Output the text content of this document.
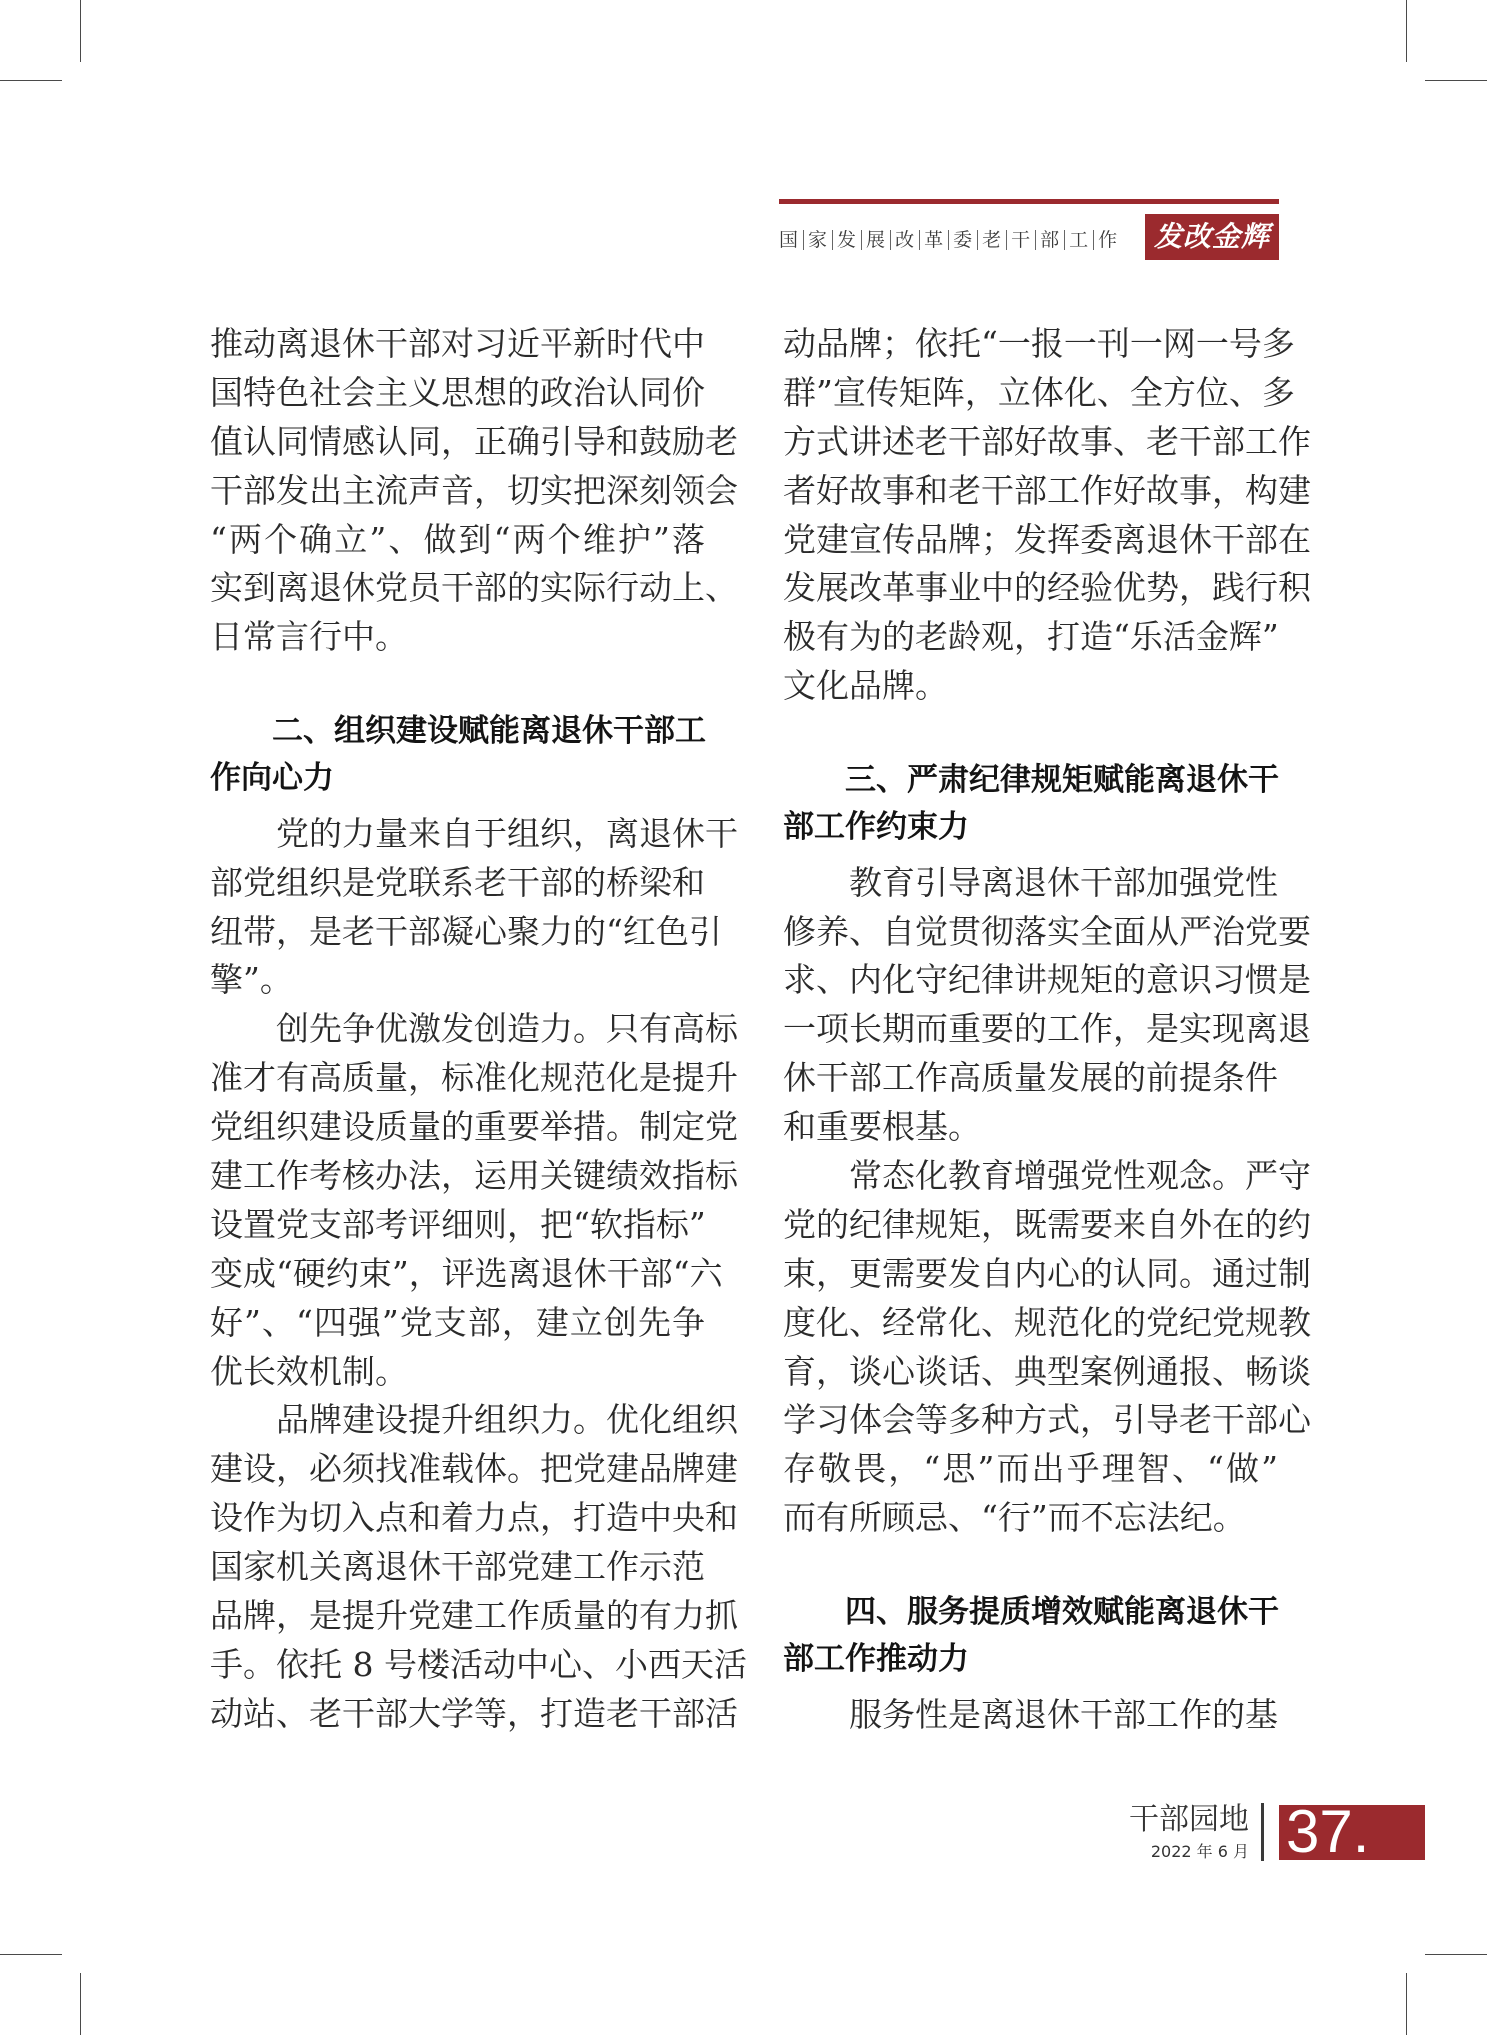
国 家 发 展 改 革 委 老 干 部 工 作	发改金辉
推动离退休干部对习近平新时代中
国特色社会主义思想的政治认同价
值认同情感认同，正确引导和鼓励老
干部发出主流声音，切实把深刻领会
“两个确立”、做到“两个维护”落
实到离退休党员干部的实际行动上、
日常言行中。
二、组织建设赋能离退休干部工
作向心力
党的力量来自于组织，离退休干
部党组织是党联系老干部的桥梁和
纽带，是老干部凝心聚力的“红色引
擎”。
创先争优激发创造力。只有高标
准才有高质量，标准化规范化是提升
党组织建设质量的重要举措。制定党
建工作考核办法，运用关键绩效指标
设置党支部考评细则，把“软指标”
变成“硬约束”，评选离退休干部“六
好”、“四强”党支部，建立创先争
优长效机制。
品牌建设提升组织力。优化组织
建设，必须找准载体。把党建品牌建
设作为切入点和着力点，打造中央和
国家机关离退休干部党建工作示范
品牌，是提升党建工作质量的有力抓
手。依托 8 号楼活动中心、小西天活
动站、老干部大学等，打造老干部活
动品牌；依托“一报一刊一网一号多
群”宣传矩阵，立体化、全方位、多
方式讲述老干部好故事、老干部工作
者好故事和老干部工作好故事，构建
党建宣传品牌；发挥委离退休干部在
发展改革事业中的经验优势，践行积
极有为的老龄观，打造“乐活金辉”
文化品牌。
三、严肃纪律规矩赋能离退休干
部工作约束力
教育引导离退休干部加强党性
修养、自觉贯彻落实全面从严治党要
求、内化守纪律讲规矩的意识习惯是
一项长期而重要的工作，是实现离退
休干部工作高质量发展的前提条件
和重要根基。
常态化教育增强党性观念。严守
党的纪律规矩，既需要来自外在的约
束，更需要发自内心的认同。通过制
度化、经常化、规范化的党纪党规教
育，谈心谈话、典型案例通报、畅谈
学习体会等多种方式，引导老干部心
存敬畏，“思”而出乎理智、“做”
而有所顾忌、“行”而不忘法纪。
四、服务提质增效赋能离退休干
部工作推动力
服务性是离退休干部工作的基
干部园地
2022 年 6 月 37.
